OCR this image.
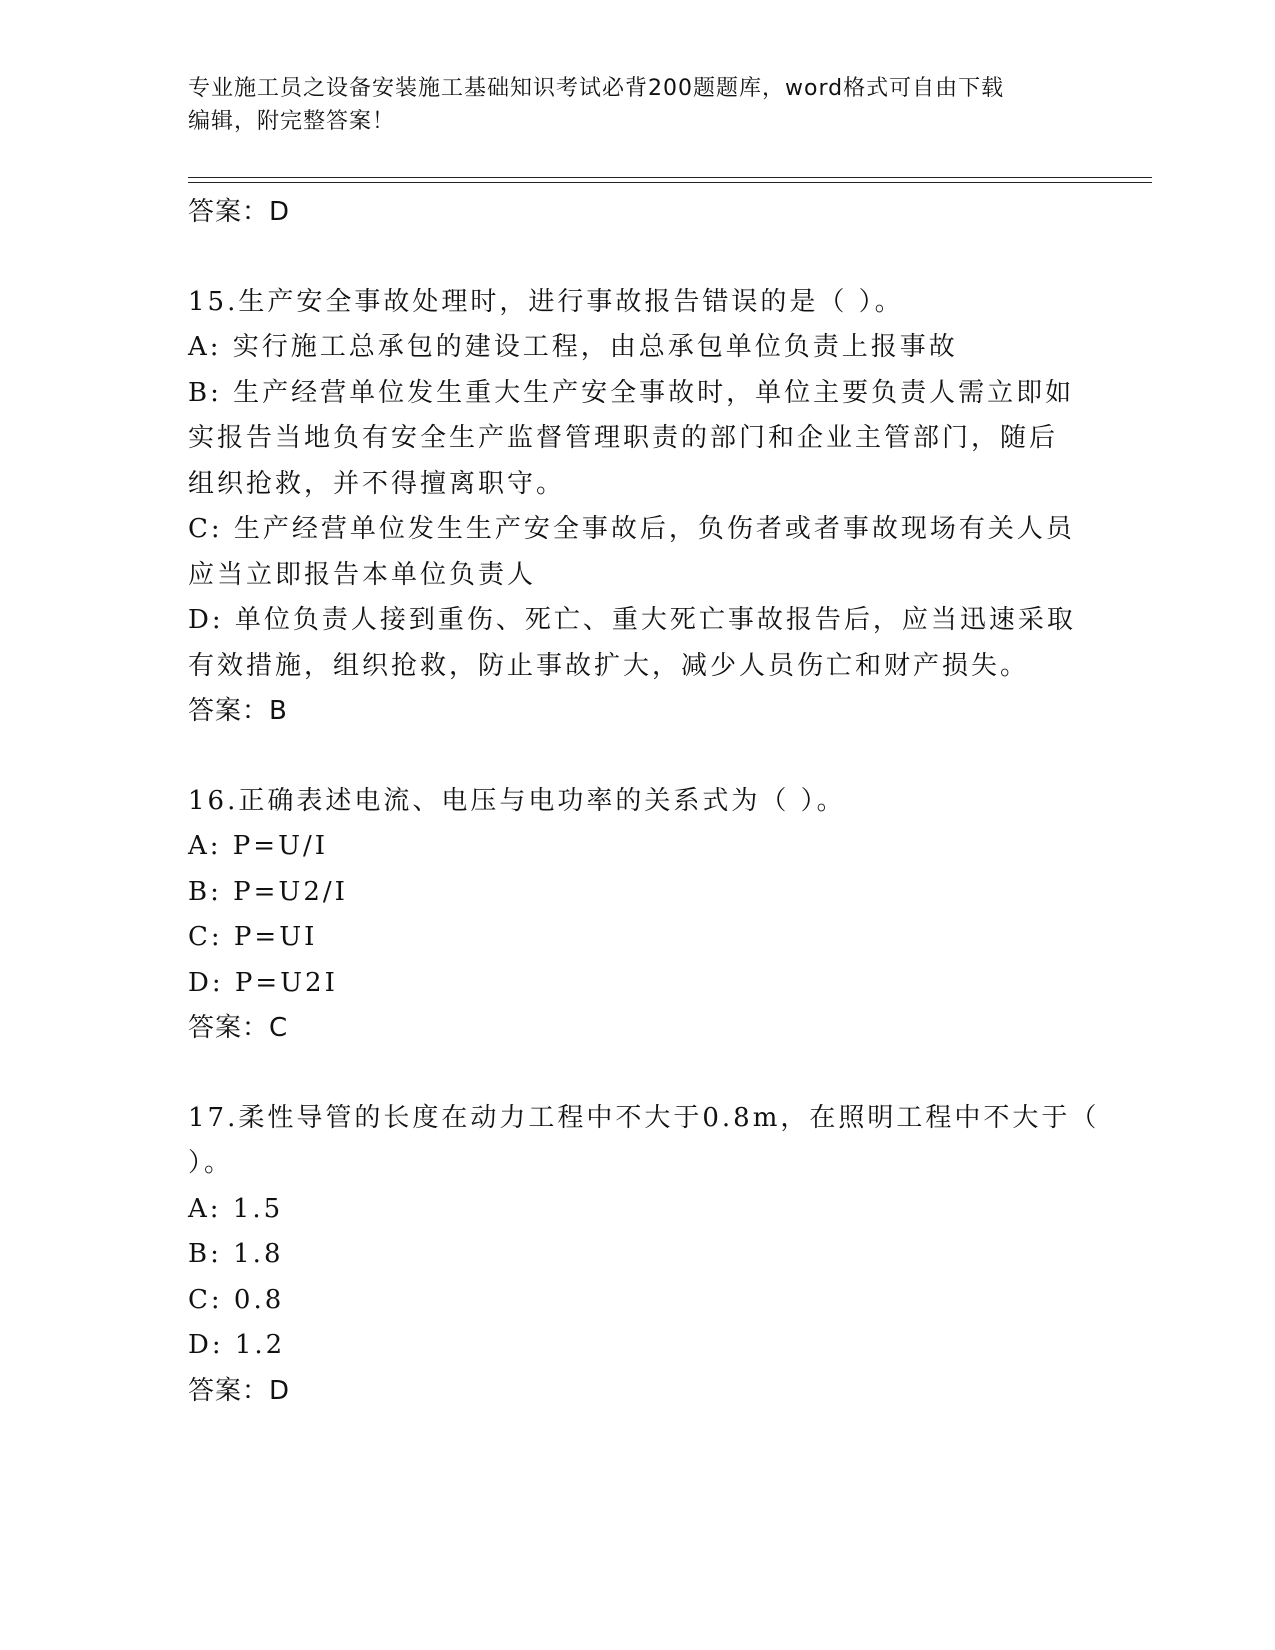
专业施工员之设备安装施工基础知识考试必背200题题库，word格式可自由下载
编辑，附完整答案！
答案：D
15.生产安全事故处理时，进行事故报告错误的是（ ）。
A: 实行施工总承包的建设工程，由总承包单位负责上报事故
B: 生产经营单位发生重大生产安全事故时，单位主要负责人需立即如
实报告当地负有安全生产监督管理职责的部门和企业主管部门，随后
组织抢救，并不得擅离职守。
C: 生产经营单位发生生产安全事故后，负伤者或者事故现场有关人员
应当立即报告本单位负责人
D: 单位负责人接到重伤、死亡、重大死亡事故报告后，应当迅速采取
有效措施，组织抢救，防止事故扩大，减少人员伤亡和财产损失。
答案：B
16.正确表述电流、电压与电功率的关系式为（ ）。
A: P=U/I
B: P=U2/I
C: P=UI
D: P=U2I
答案：C
17.柔性导管的长度在动力工程中不大于0.8m，在照明工程中不大于（
）。
A: 1.5
B: 1.8
C: 0.8
D: 1.2
答案：D
